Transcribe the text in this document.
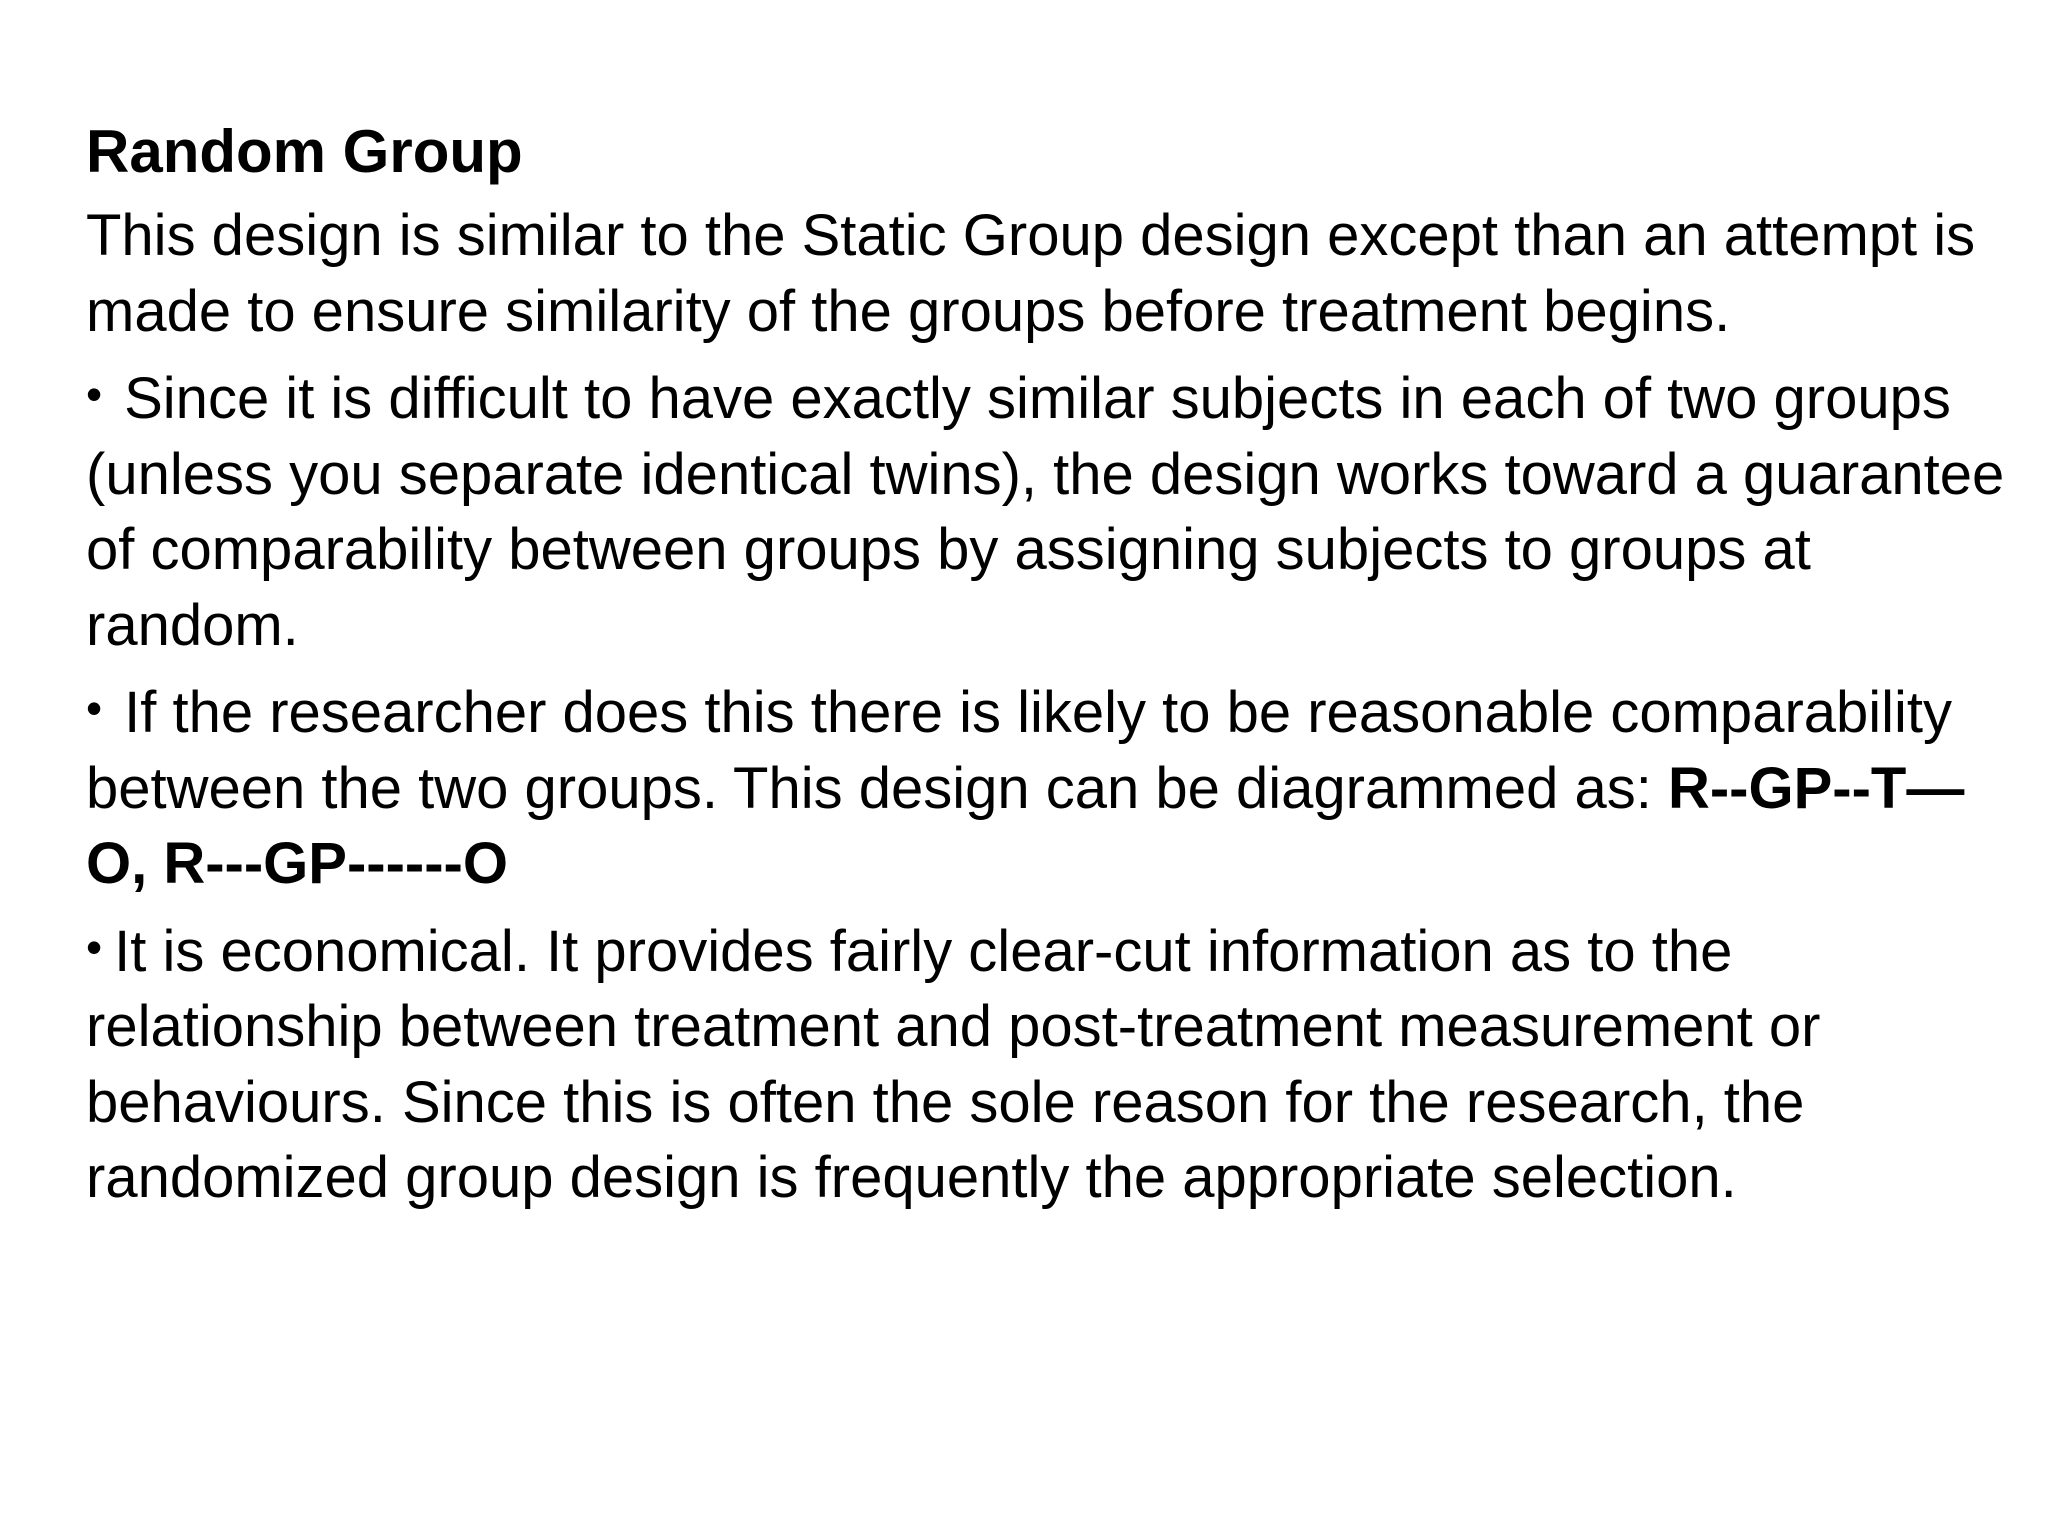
Random Group

This design is similar to the Static Group design except than an attempt is made to ensure similarity of the groups before treatment begins.

• Since it is difficult to have exactly similar subjects in each of two groups (unless you separate identical twins), the design works toward a guarantee of comparability between groups by assigning subjects to groups at random.

• If the researcher does this there is likely to be reasonable comparability between the two groups. This design can be diagrammed as: R--GP--T—O, R---GP------O

• It is economical. It provides fairly clear-cut information as to the relationship between treatment and post-treatment measurement or behaviours. Since this is often the sole reason for the research, the randomized group design is frequently the appropriate selection.
